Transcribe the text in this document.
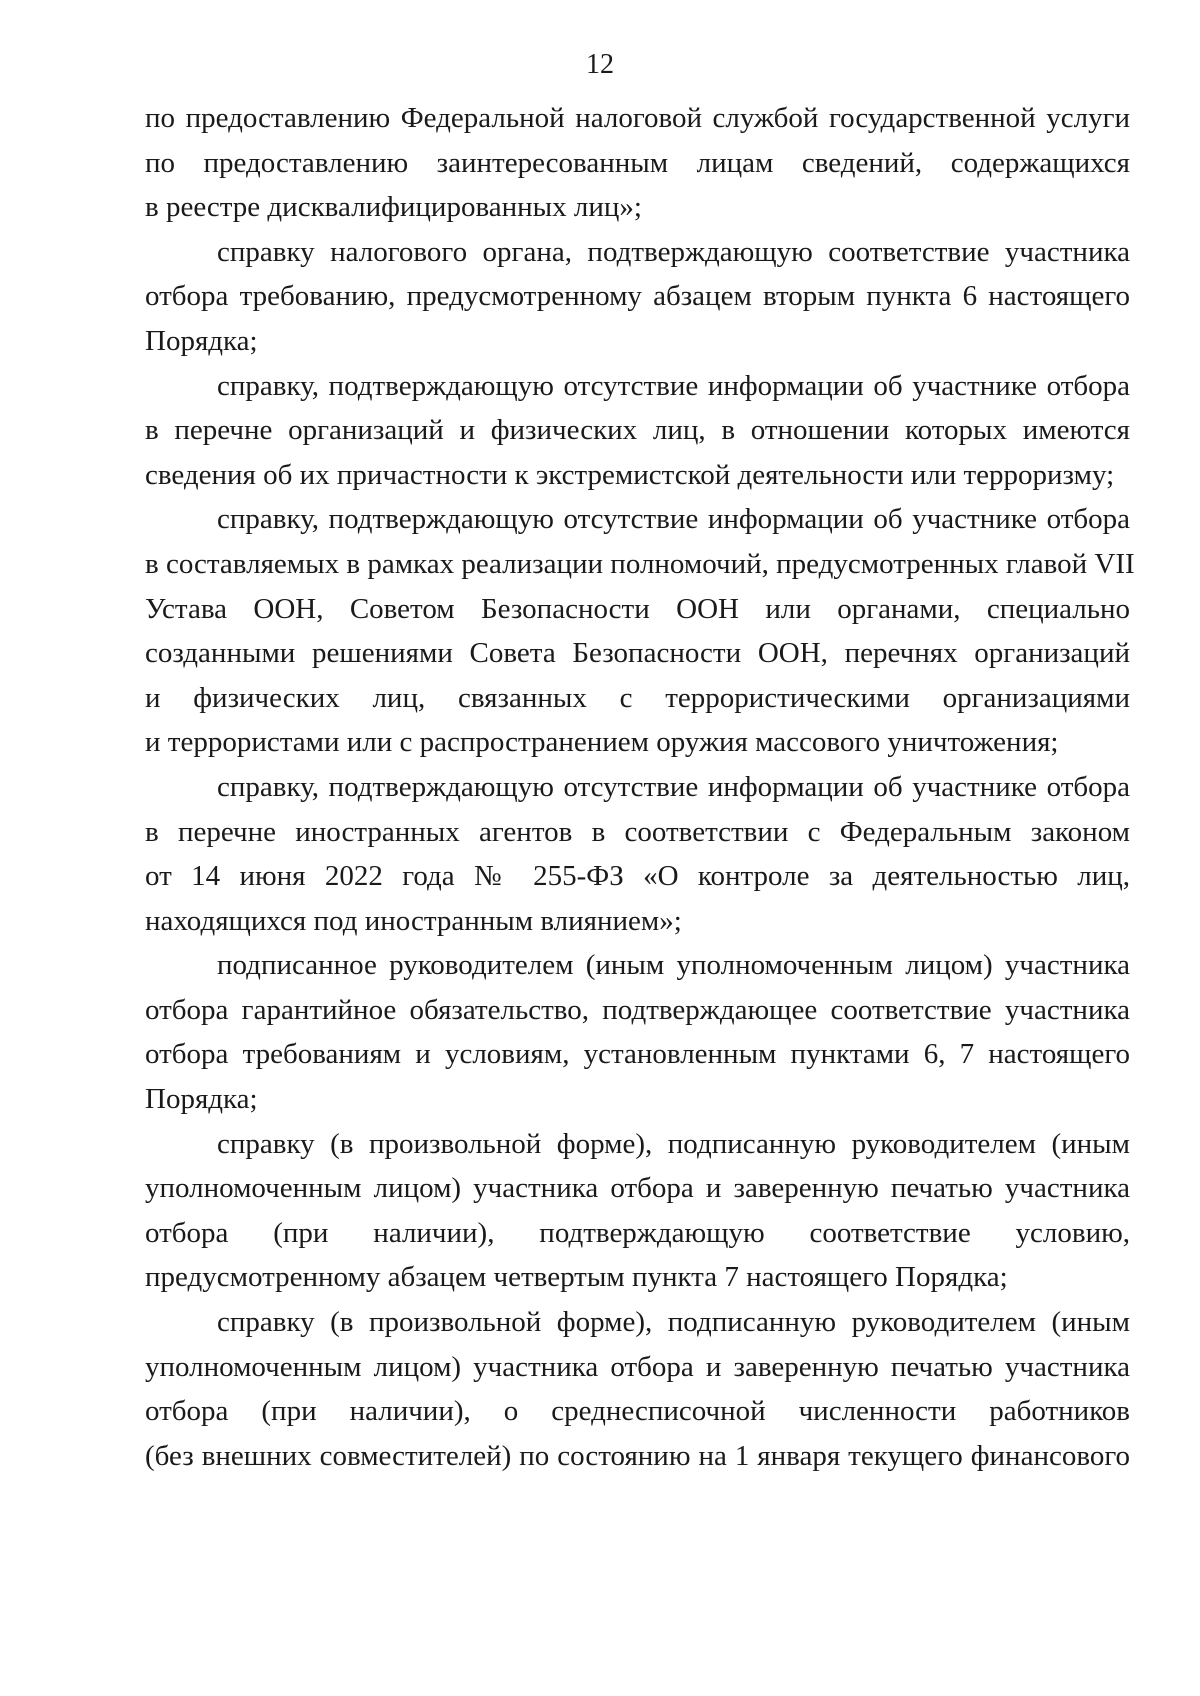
12
по предоставлению Федеральной налоговой службой государственной услуги
по предоставлению заинтересованным лицам сведений, содержащихся
в реестре дисквалифицированных лиц»;
справку налогового органа, подтверждающую соответствие участника
отбора требованию, предусмотренному абзацем вторым пункта 6 настоящего
Порядка;
справку, подтверждающую отсутствие информации об участнике отбора
в перечне организаций и физических лиц, в отношении которых имеются
сведения об их причастности к экстремистской деятельности или терроризму;
справку, подтверждающую отсутствие информации об участнике отбора
в составляемых в рамках реализации полномочий, предусмотренных главой VII
Устава ООН, Советом Безопасности ООН или органами, специально
созданными решениями Совета Безопасности ООН, перечнях организаций
и физических лиц, связанных с террористическими организациями
и террористами или с распространением оружия массового уничтожения;
справку, подтверждающую отсутствие информации об участнике отбора
в перечне иностранных агентов в соответствии с Федеральным законом
от 14 июня 2022 года № 255-ФЗ «О контроле за деятельностью лиц,
находящихся под иностранным влиянием»;
подписанное руководителем (иным уполномоченным лицом) участника
отбора гарантийное обязательство, подтверждающее соответствие участника
отбора требованиям и условиям, установленным пунктами 6, 7 настоящего
Порядка;
справку (в произвольной форме), подписанную руководителем (иным
уполномоченным лицом) участника отбора и заверенную печатью участника
отбора (при наличии), подтверждающую соответствие условию,
предусмотренному абзацем четвертым пункта 7 настоящего Порядка;
справку (в произвольной форме), подписанную руководителем (иным
уполномоченным лицом) участника отбора и заверенную печатью участника
отбора (при наличии), о среднесписочной численности работников
(без внешних совместителей) по состоянию на 1 января текущего финансового
